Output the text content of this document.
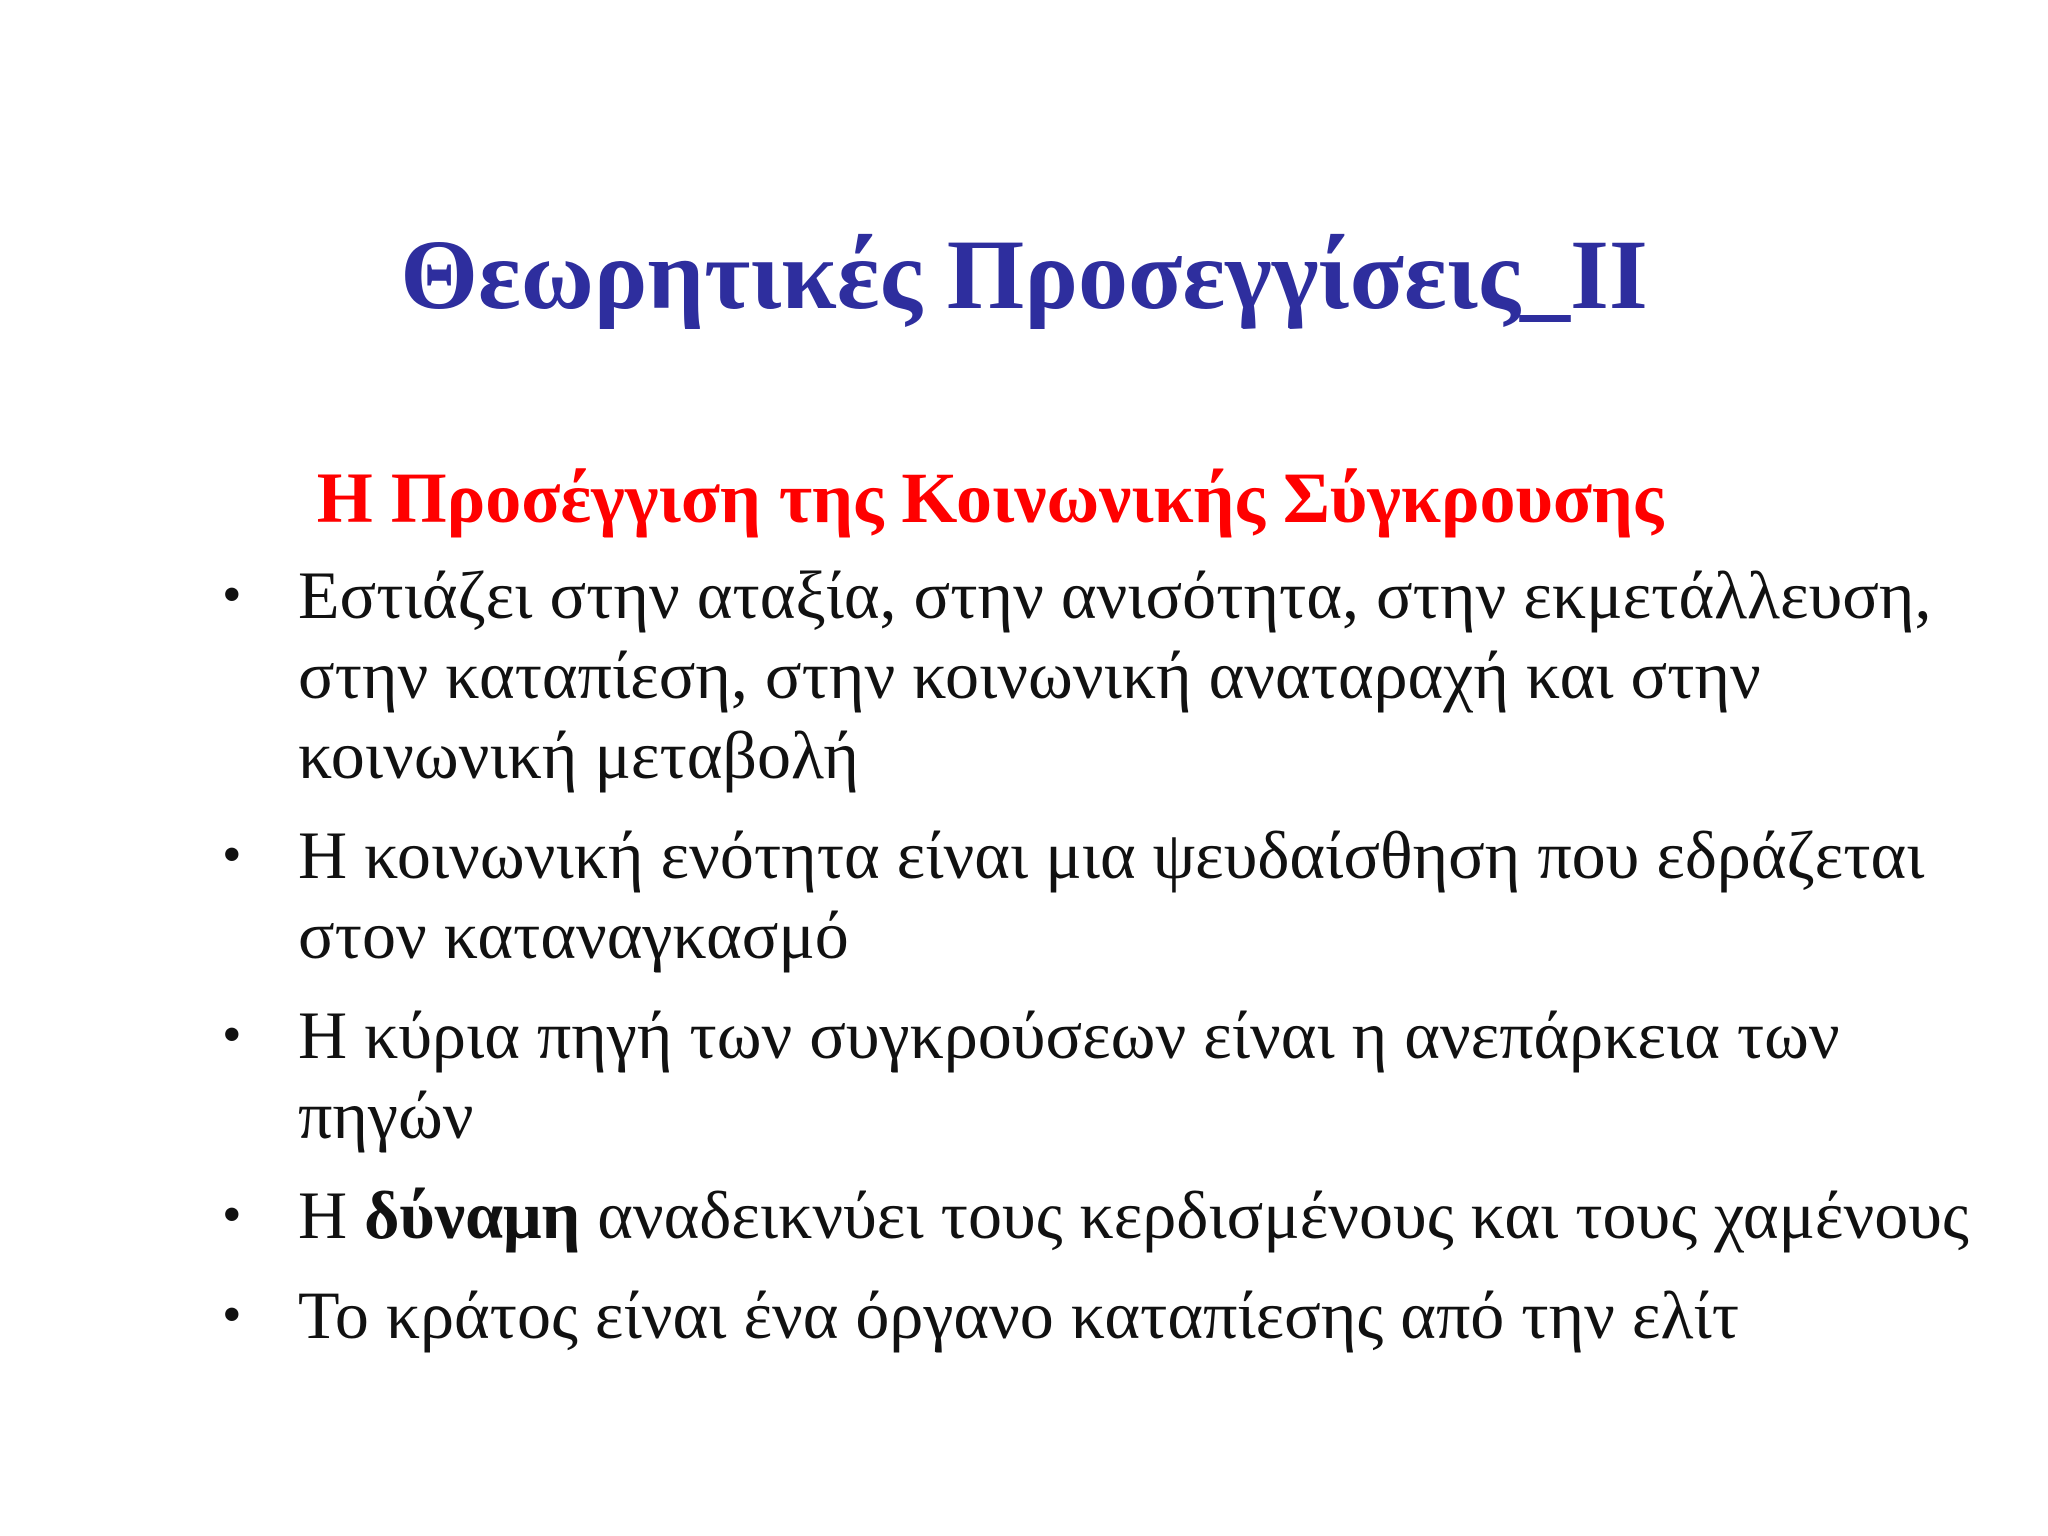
Θεωρητικές Προσεγγίσεις_ΙΙ
Η Προσέγγιση της Κοινωνικής Σύγκρουσης
• Εστιάζει στην αταξία, στην ανισότητα, στην εκμετάλλευση, στην καταπίεση, στην κοινωνική αναταραχή και στην κοινωνική μεταβολή
• Η κοινωνική ενότητα είναι μια ψευδαίσθηση που εδράζεται στον καταναγκασμό
• Η κύρια πηγή των συγκρούσεων είναι η ανεπάρκεια των πηγών
• Η δύναμη αναδεικνύει τους κερδισμένους και τους χαμένους
• Το κράτος είναι ένα όργανο καταπίεσης από την ελίτ
